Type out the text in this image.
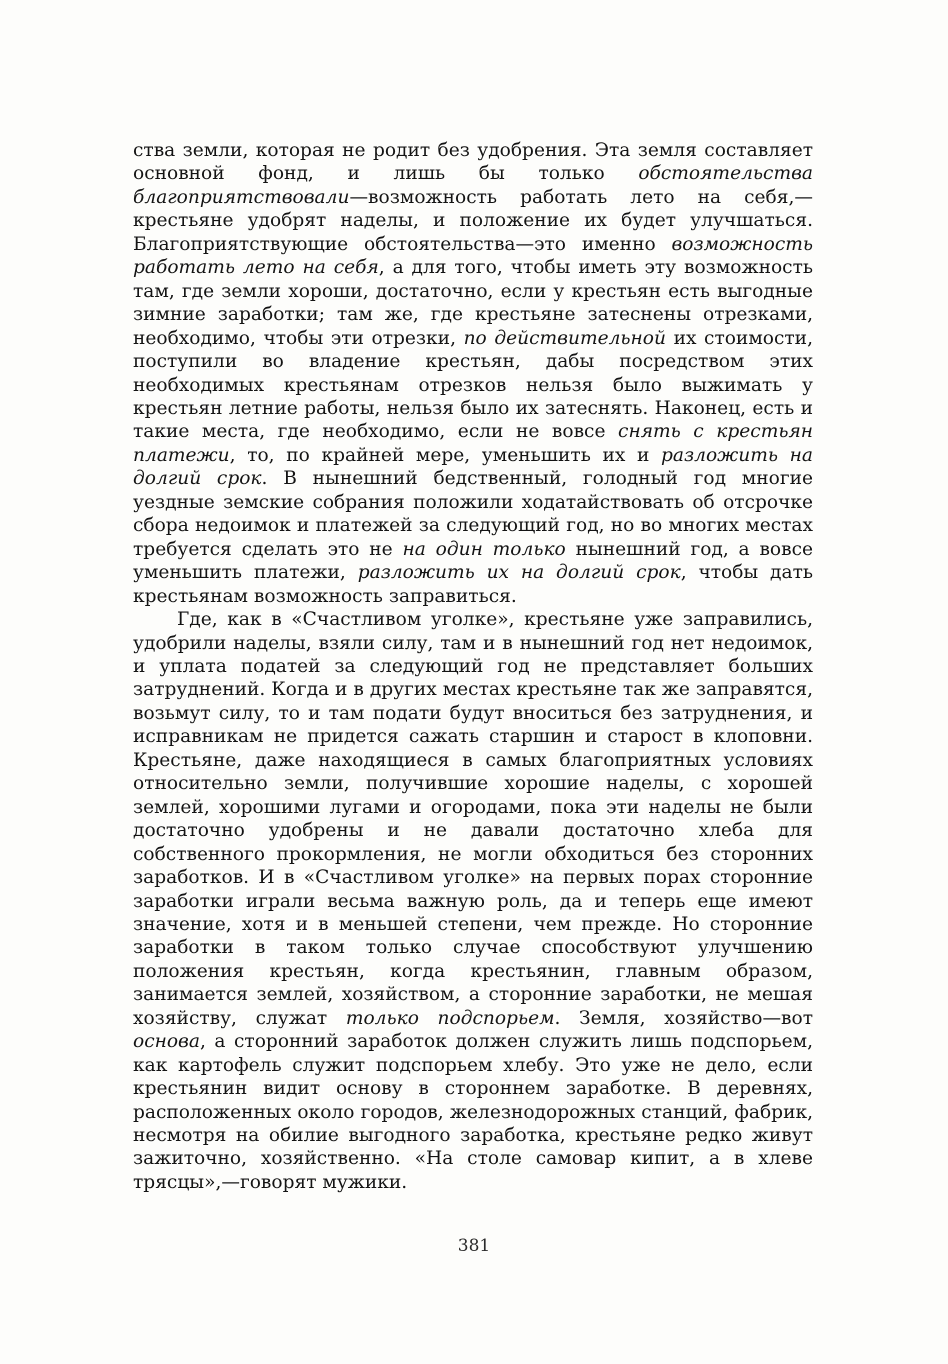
ства земли, которая не родит без удобрения. Эта земля составляет основной фонд, и лишь бы только обстоятельства благоприятствовали—возможность работать лето на себя,—крестьяне удобрят наделы, и положение их будет улучшаться. Благоприятствующие обстоятельства—это именно возможность работать лето на себя, а для того, чтобы иметь эту возможность там, где земли хороши, достаточно, если у крестьян есть выгодные зимние заработки; там же, где крестьяне затеснены отрезками, необходимо, чтобы эти отрезки, по действительной их стоимости, поступили во владение крестьян, дабы посредством этих необходимых крестьянам отрезков нельзя было выжимать у крестьян летние работы, нельзя было их затеснять. Наконец, есть и такие места, где необходимо, если не вовсе снять с крестьян платежи, то, по крайней мере, уменьшить их и разложить на долгий срок. В нынешний бедственный, голодный год многие уездные земские собрания положили ходатайствовать об отсрочке сбора недоимок и платежей за следующий год, но во многих местах требуется сделать это не на один только нынешний год, а вовсе уменьшить платежи, разложить их на долгий срок, чтобы дать крестьянам возможность заправиться.

Где, как в «Счастливом уголке», крестьяне уже заправились, удобрили наделы, взяли силу, там и в нынешний год нет недоимок, и уплата податей за следующий год не представляет больших затруднений. Когда и в других местах крестьяне так же заправятся, возьмут силу, то и там подати будут вноситься без затруднения, и исправникам не придется сажать старшин и старост в клоповни. Крестьяне, даже находящиеся в самых благоприятных условиях относительно земли, получившие хорошие наделы, с хорошей землей, хорошими лугами и огородами, пока эти наделы не были достаточно удобрены и не давали достаточно хлеба для собственного прокормления, не могли обходиться без сторонних заработков. И в «Счастливом уголке» на первых порах сторонние заработки играли весьма важную роль, да и теперь еще имеют значение, хотя и в меньшей степени, чем прежде. Но сторонние заработки в таком только случае способствуют улучшению положения крестьян, когда крестьянин, главным образом, занимается землей, хозяйством, а сторонние заработки, не мешая хозяйству, служат только подспорьем. Земля, хозяйство—вот основа, а сторонний заработок должен служить лишь подспорьем, как картофель служит подспорьем хлебу. Это уже не дело, если крестьянин видит основу в стороннем заработке. В деревнях, расположенных около городов, железнодорожных станций, фабрик, несмотря на обилие выгодного заработка, крестьяне редко живут зажиточно, хозяйственно. «На столе самовар кипит, а в хлеве трясцы»,—говорят мужики.

381
